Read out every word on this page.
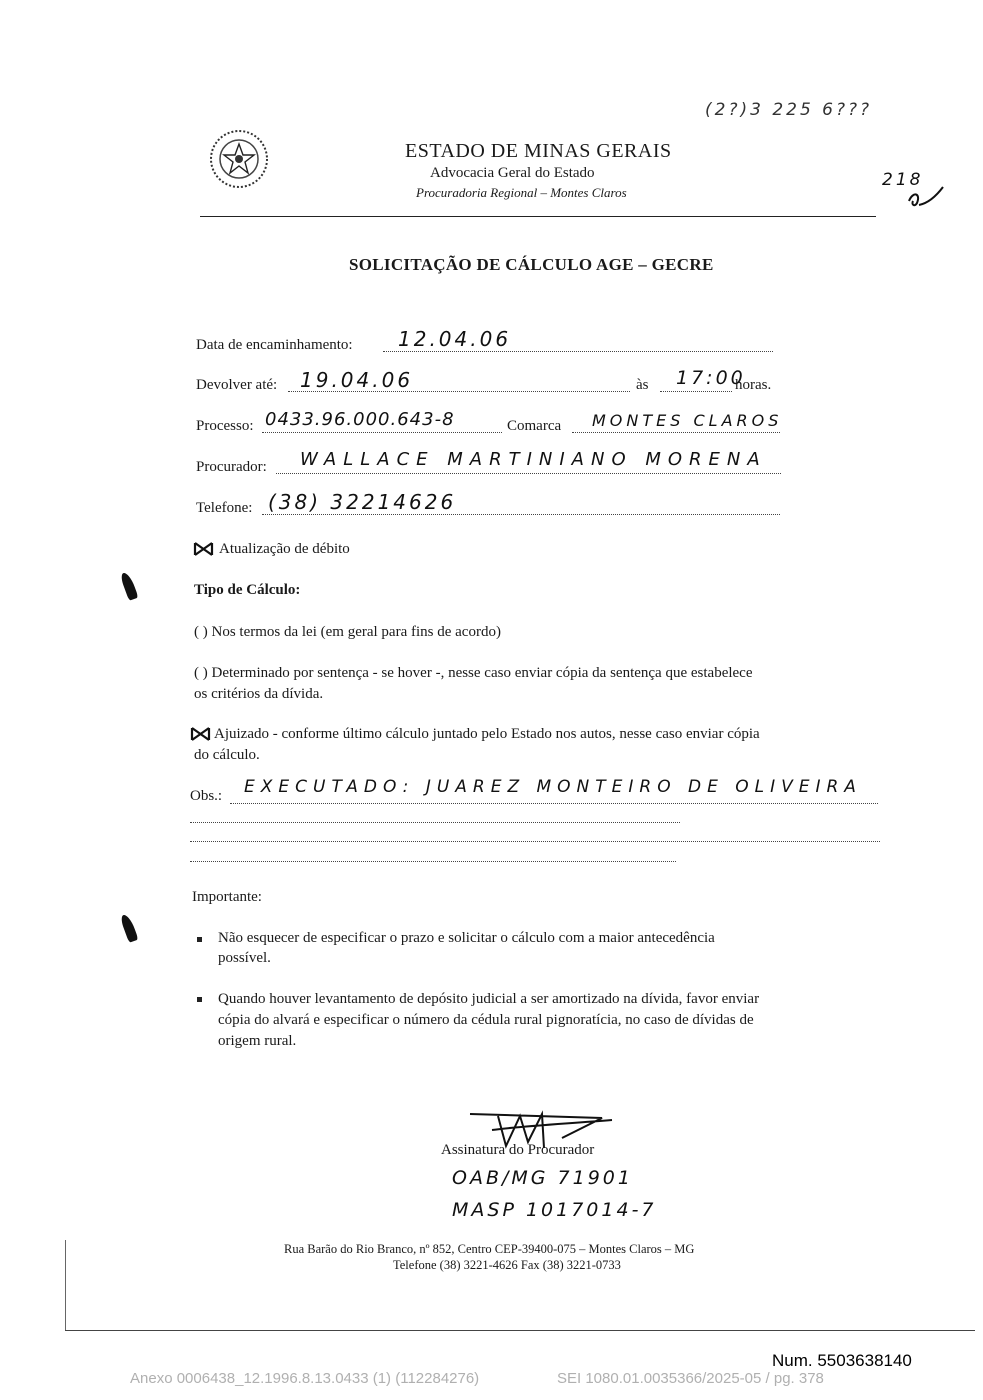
(2?)3 225 6???
218
ESTADO DE MINAS GERAIS
Advocacia Geral do Estado
Procuradoria Regional – Montes Claros
SOLICITAÇÃO DE CÁLCULO AGE – GECRE
Data de encaminhamento: 12.04.06
Devolver até: 19.04.06	às 17:00
horas.
Processo: 0433.96.000.643-8	Comarca MONTES CLAROS
Procurador: WALLACE MARTINIANO MORENA
Telefone: (38) 32214626
Atualização de débito
Tipo de Cálculo:
( ) Nos termos da lei (em geral para fins de acordo)
( ) Determinado por sentença - se hover -, nesse caso enviar cópia da sentença que estabelece
os critérios da dívida.
Ajuizado - conforme último cálculo juntado pelo Estado nos autos, nesse caso enviar cópia
do cálculo.
Obs.: EXECUTADO: JUAREZ MONTEIRO DE OLIVEIRA
Importante:
Não esquecer de especificar o prazo e solicitar o cálculo com a maior antecedência
possível.
Quando houver levantamento de depósito judicial a ser amortizado na dívida, favor enviar
cópia do alvará e especificar o número da cédula rural pignoratícia, no caso de dívidas de
origem rural.
Assinatura do Procurador
OAB/MG 71901
MASP 1017014-7
Rua Barão do Rio Branco, nº 852, Centro CEP-39400-075 – Montes Claros – MG
Telefone (38) 3221-4626 Fax (38) 3221-0733
Num. 5503638140
Anexo 0006438_12.1996.8.13.0433 (1) (112284276)	SEI 1080.01.0035366/2025-05 / pg. 378
